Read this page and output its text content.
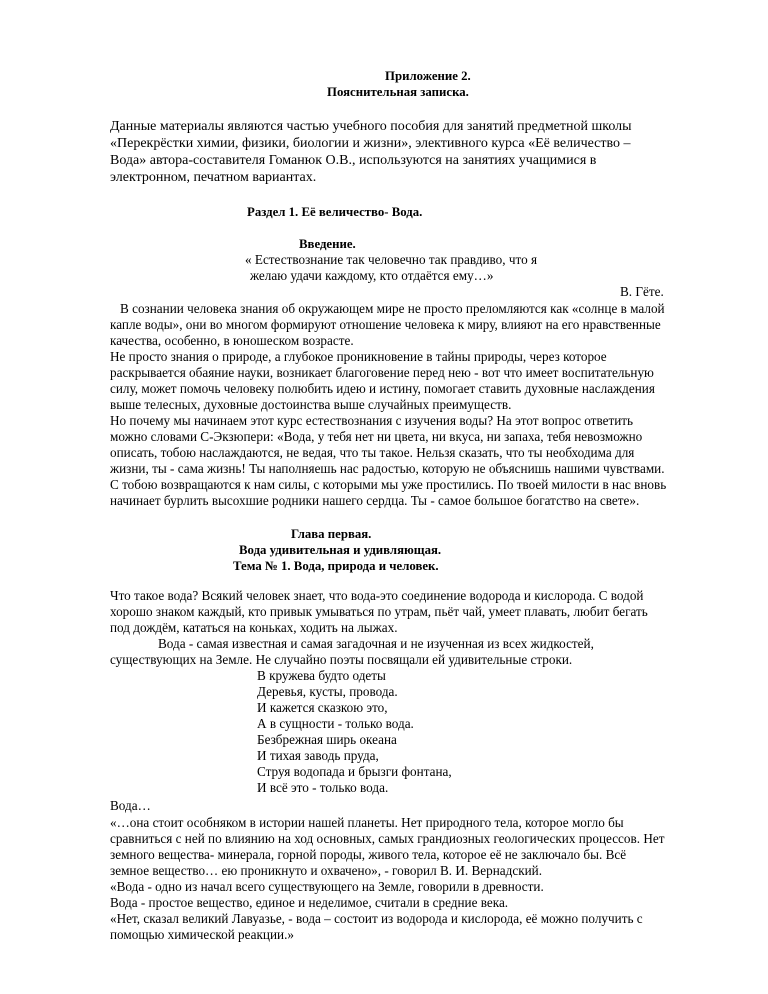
Приложение 2.
Пояснительная записка.
Данные материалы являются частью учебного пособия для занятий предметной школы
«Перекрёстки химии, физики, биологии и жизни», элективного курса «Её величество –
Вода» автора-составителя Гоманюк О.В., используются на занятиях учащимися в
электронном, печатном вариантах.
Раздел 1. Её величество- Вода.
Введение.
« Естествознание так человечно так правдиво, что я
желаю удачи каждому, кто отдаётся ему…»
В. Гёте.
В сознании человека знания об окружающем мире не просто преломляются как «солнце в малой
капле воды», они во многом формируют отношение человека к миру, влияют на его нравственные
качества, особенно, в юношеском возрасте.
Не просто знания о природе, а глубокое проникновение в тайны природы, через которое
раскрывается обаяние науки, возникает благоговение перед нею - вот что имеет воспитательную
силу, может помочь человеку полюбить идею и истину, помогает ставить духовные наслаждения
выше телесных, духовные достоинства выше случайных преимуществ.
Но почему мы начинаем этот курс естествознания с изучения воды? На этот вопрос ответить
можно словами С-Экзюпери: «Вода, у тебя нет ни цвета, ни вкуса, ни запаха, тебя невозможно
описать, тобою наслаждаются, не ведая, что ты такое. Нельзя сказать, что ты необходима для
жизни, ты - сама жизнь! Ты наполняешь нас радостью, которую не объяснишь нашими чувствами.
С тобою возвращаются к нам силы, с которыми мы уже простились. По твоей милости в нас вновь
начинает бурлить высохшие родники нашего сердца. Ты - самое большое богатство на свете».
Глава первая.
Вода удивительная и удивляющая.
Тема № 1. Вода, природа и человек.
Что такое вода? Всякий человек знает, что вода-это соединение водорода и кислорода. С водой
хорошо знаком каждый, кто привык умываться по утрам, пьёт чай, умеет плавать, любит бегать
под дождём, кататься на коньках, ходить на лыжах.
Вода - самая известная и самая загадочная и не изученная из всех жидкостей,
существующих на Земле. Не случайно поэты посвящали ей удивительные строки.
В кружева будто одеты
Деревья, кусты, провода.
И кажется сказкою это,
А в сущности - только вода.
Безбрежная ширь океана
И тихая заводь пруда,
Струя водопада и брызги фонтана,
И всё это - только вода.
Вода…
«…она стоит особняком в истории нашей планеты. Нет природного тела, которое могло бы
сравниться с ней по влиянию на ход основных, самых грандиозных геологических процессов. Нет
земного вещества- минерала, горной породы, живого тела, которое её не заключало бы. Всё
земное вещество… ею проникнуто и охвачено», - говорил В. И. Вернадский.
«Вода - одно из начал всего существующего на Земле, говорили в древности.
Вода - простое вещество, единое и неделимое, считали в средние века.
«Нет, сказал великий Лавуазье, - вода – состоит из водорода и кислорода, её можно получить с
помощью химической реакции.»
